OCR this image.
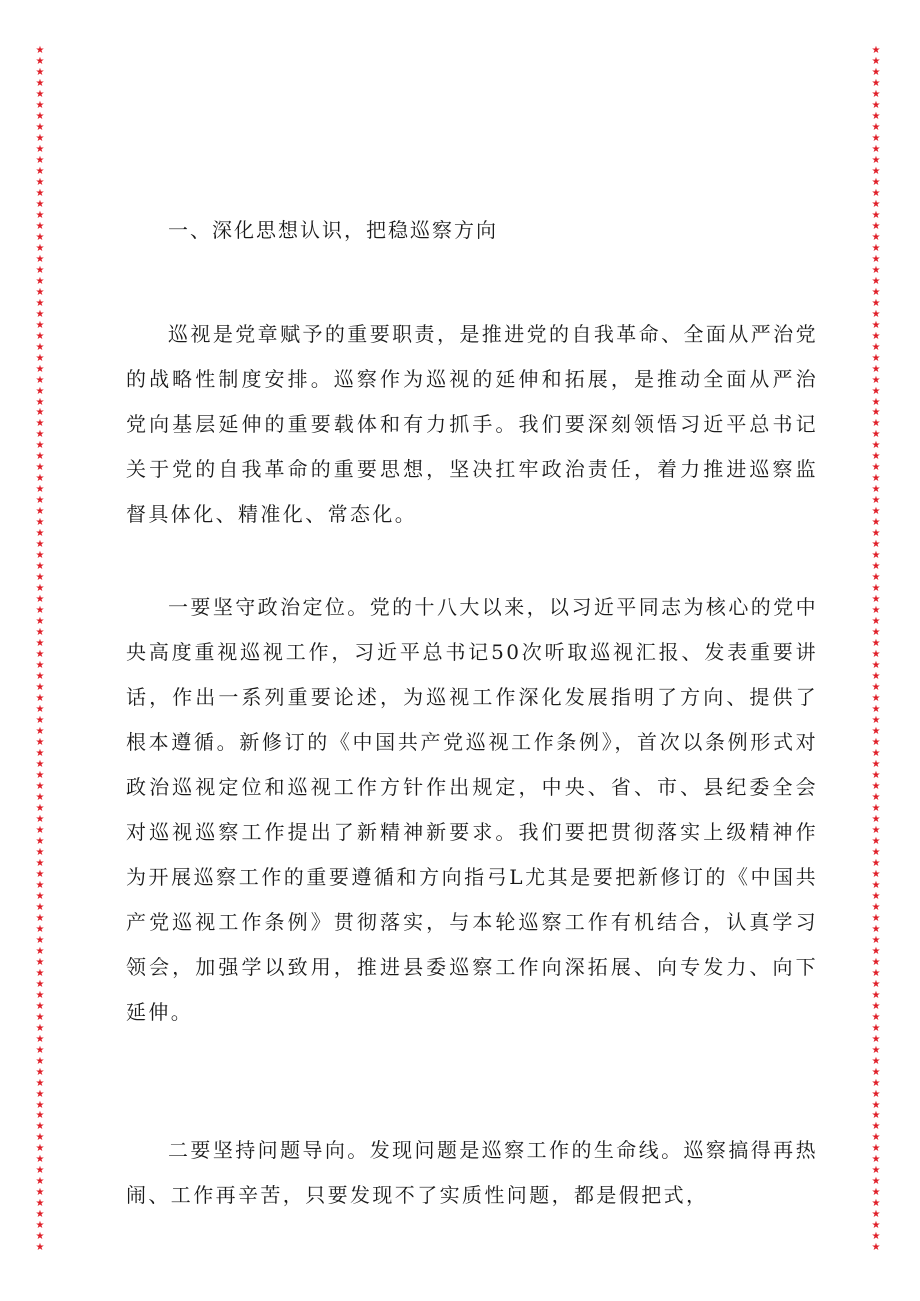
★
★
★
★
★
★
★
★
★
★
★
★
★
★
★
★
★
★
★
★
★
★
★
★
★
★
★
★
★
★
★
★
★
★
★
★
★
★
★
★
★
★
★
★
★
★
★
★
★
★
★
★
★
★
★
★
★
★
★
★
★
★
★
★
★
★
★
★
★
★
★
★
★
★
★
★
★
★
★
★
★
★
★
★
★
★
★
★
★
★
★
★
★
★
★
★
★
★
★
★
★
★
★
★
★
★
★
★
★
★
★
★
★
★
★
★
★
★
★
★
★
★
★
★
★
★
★
★
★
★
★
★
★
★
★
★
★
★
★
★
★
★
★
★
★
★
★
★
★
★
★
★
★
★
★
★
★
★
★
★
★
★
★
★
★
★
★
★
★
★
★
★
★
★
★
★
★
★
★
★
★
★
★
★
★
★
★
★
★
★
★
★
★
★
★
★
★
★
★
★
★
★
★
★
★
★
★
★
★
★
★
★
★
★
★
★
★
★
★
★

一、深化思想认识，把稳巡察方向

巡视是党章赋予的重要职责，是推进党的自我革命、全面从严治党的战略性制度安排。巡察作为巡视的延伸和拓展，是推动全面从严治党向基层延伸的重要载体和有力抓手。我们要深刻领悟习近平总书记关于党的自我革命的重要思想，坚决扛牢政治责任，着力推进巡察监督具体化、精准化、常态化。

一要坚守政治定位。党的十八大以来，以习近平同志为核心的党中央高度重视巡视工作，习近平总书记50次听取巡视汇报、发表重要讲话，作出一系列重要论述，为巡视工作深化发展指明了方向、提供了根本遵循。新修订的《中国共产党巡视工作条例》，首次以条例形式对政治巡视定位和巡视工作方针作出规定，中央、省、市、县纪委全会对巡视巡察工作提出了新精神新要求。我们要把贯彻落实上级精神作为开展巡察工作的重要遵循和方向指弓L尤其是要把新修订的《中国共产党巡视工作条例》贯彻落实，与本轮巡察工作有机结合，认真学习领会，加强学以致用，推进县委巡察工作向深拓展、向专发力、向下延伸。

二要坚持问题导向。发现问题是巡察工作的生命线。巡察搞得再热闹、工作再辛苦，只要发现不了实质性问题，都是假把式，
